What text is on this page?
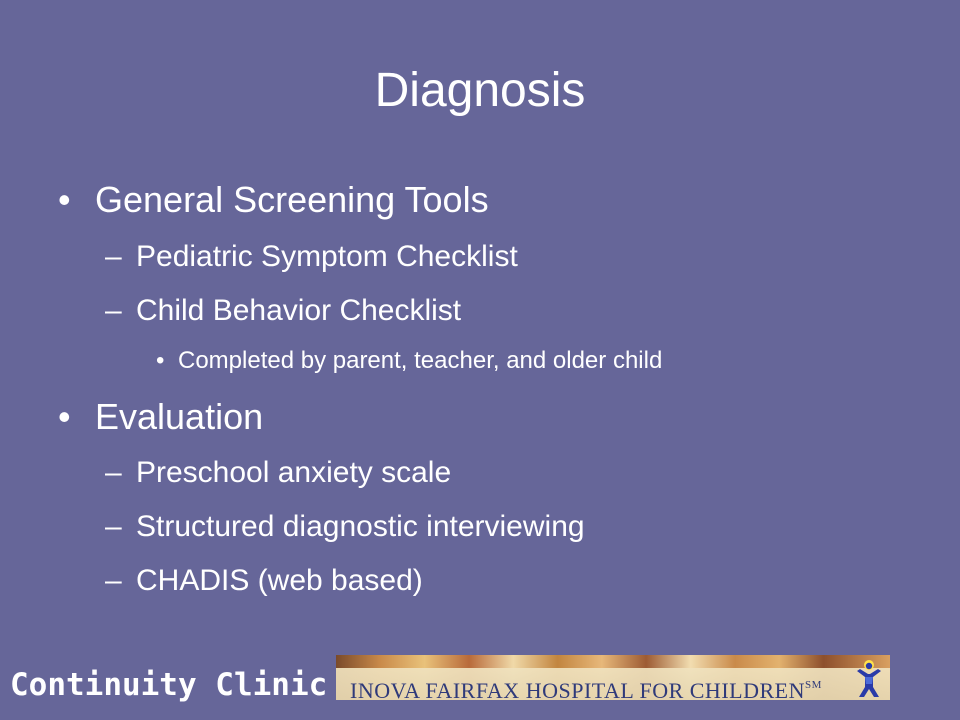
Diagnosis
• General Screening Tools
– Pediatric Symptom Checklist
– Child Behavior Checklist
• Completed by parent, teacher, and older child
• Evaluation
– Preschool anxiety scale
– Structured diagnostic interviewing
– CHADIS (web based)
Continuity Clinic INOVA FAIRFAX HOSPITAL FOR CHILDREN℠
